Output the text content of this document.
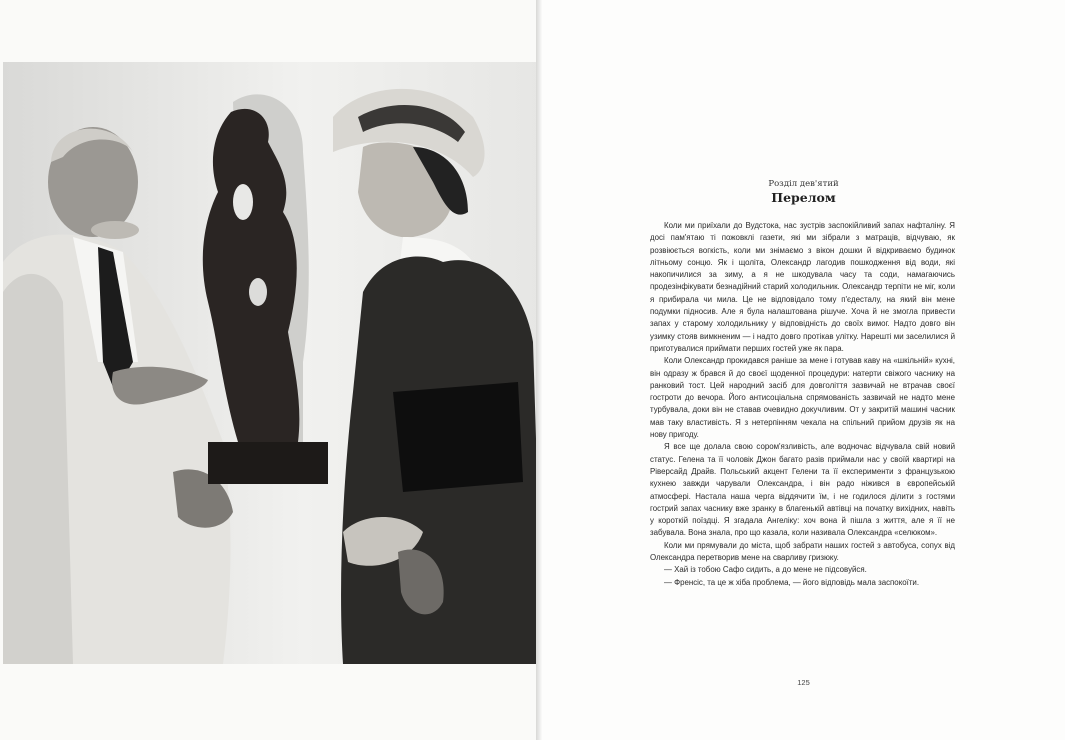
Розділ дев'ятий
Перелом

Коли ми приїхали до Вудстока, нас зустрів заспокійливий запах нафталіну. Я досі пам'ятаю ті пожовклі газети, які ми зібрали з матраців, відчуваю, як розвіюється вогкість, коли ми знімаємо з вікон дошки й відкриваємо будинок літньому сонцю. Як і щоліта, Олександр лагодив пошкодження від води, які накопичилися за зиму, а я не шкодувала часу та соди, намагаючись продезінфікувати безнадійний старий холодильник. Олександр терпіти не міг, коли я прибирала чи мила. Це не відповідало тому п'єдесталу, на який він мене подумки підносив. Але я була налаштована рішуче. Хоча й не змогла привести запах у старому холодильнику у відповідність до своїх вимог. Надто довго він узимку стояв вимкненим — і надто довго протікав улітку. Нарешті ми заселилися й приготувалися приймати перших гостей уже як пара.

Коли Олександр прокидався раніше за мене і готував каву на «шкільній» кухні, він одразу ж брався й до своєї щоденної процедури: натерти свіжого часнику на ранковий тост. Цей народний засіб для довголіття зазвичай не втрачав своєї гостроти до вечора. Його антисоціальна спрямованість зазвичай не надто мене турбувала, доки він не ставав очевидно докучливим. От у закритій машині часник мав таку властивість. Я з нетерпінням чекала на спільний прийом друзів як на нову пригоду.

Я все ще долала свою сором'язливість, але водночас відчувала свій новий статус. Гелена та її чоловік Джон багато разів приймали нас у своїй квартирі на Ріверсайд Драйв. Польський акцент Гелени та її експерименти з французькою кухнею завжди чарували Олександра, і він радо ніжився в європейській атмосфері. Настала наша черга віддячити їм, і не годилося ділити з гостями гострий запах часнику вже зранку в благенькій автівці на початку вихідних, навіть у короткій поїздці. Я згадала Ангеліку: хоч вона й пішла з життя, але я її не забувала. Вона знала, про що казала, коли називала Олександра «селюком».

Коли ми прямували до міста, щоб забрати наших гостей з автобуса, сопух від Олександра перетворив мене на сварливу гризюку.

— Хай із тобою Сафо сидить, а до мене не підсовуйся.

— Френсіс, та це ж хіба проблема, — його відповідь мала заспокоїти.

125
